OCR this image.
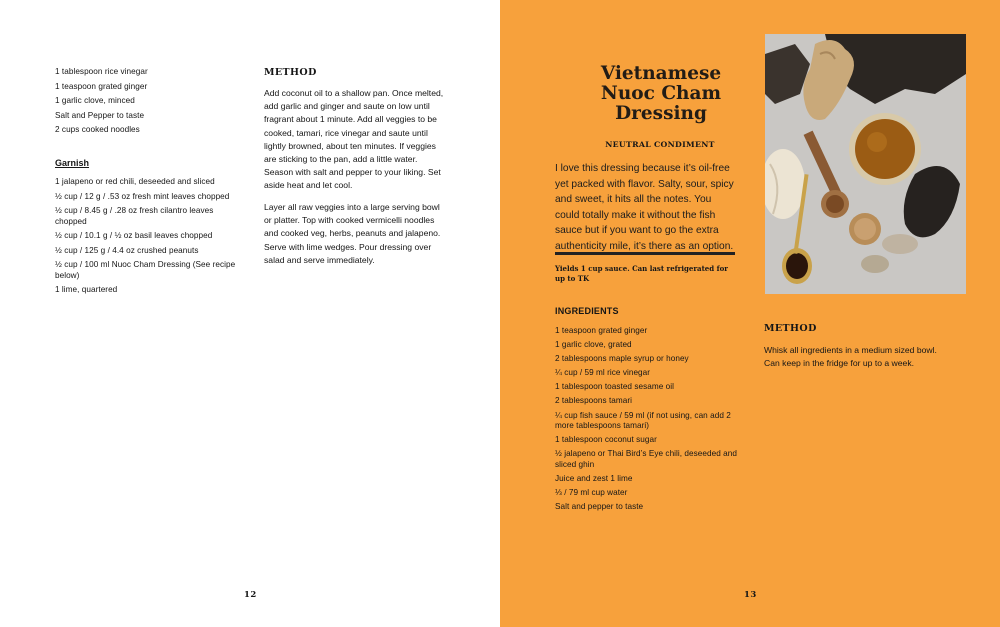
1 tablespoon rice vinegar
1 teaspoon grated ginger
1 garlic clove, minced
Salt and Pepper to taste
2 cups cooked noodles
Garnish
1 jalapeno or red chili, deseeded and sliced
½ cup / 12 g / .53 oz fresh mint leaves chopped
½ cup / 8.45 g / .28 oz fresh cilantro leaves chopped
½ cup / 10.1 g / ½ oz basil leaves chopped
½ cup / 125 g / 4.4 oz crushed peanuts
½ cup / 100 ml Nuoc Cham Dressing (See recipe below)
1 lime, quartered
METHOD

Add coconut oil to a shallow pan. Once melted, add garlic and ginger and saute on low until fragrant about 1 minute. Add all veggies to be cooked, tamari, rice vinegar and saute until lightly browned, about ten minutes. If veggies are sticking to the pan, add a little water. Season with salt and pepper to your liking. Set aside heat and let cool.

Layer all raw veggies into a large serving bowl or platter. Top with cooked vermicelli noodles and cooked veg, herbs, peanuts and jalapeno. Serve with lime wedges. Pour dressing over salad and serve immediately.

12
Vietnamese Nuoc Cham Dressing
NEUTRAL CONDIMENT

I love this dressing because it’s oil-free yet packed with flavor. Salty, sour, spicy and sweet, it hits all the notes. You could totally make it without the fish sauce but if you want to go the extra authenticity mile, it’s there as an option.

Yields 1 cup sauce. Can last refrigerated for up to TK

INGREDIENTS
1 teaspoon grated ginger
1 garlic clove, grated
2 tablespoons maple syrup or honey
¼ cup / 59 ml rice vinegar
1 tablespoon toasted sesame oil
2 tablespoons tamari
¼ cup fish sauce / 59 ml (if not using, can add 2 more tablespoons tamari)
1 tablespoon coconut sugar
½ jalapeno or Thai Bird’s Eye chili, deseeded and sliced ghin
Juice and zest 1 lime
⅓ / 79 ml cup water
Salt and pepper to taste
METHOD

Whisk all ingredients in a medium sized bowl. Can keep in the fridge for up to a week.

13
